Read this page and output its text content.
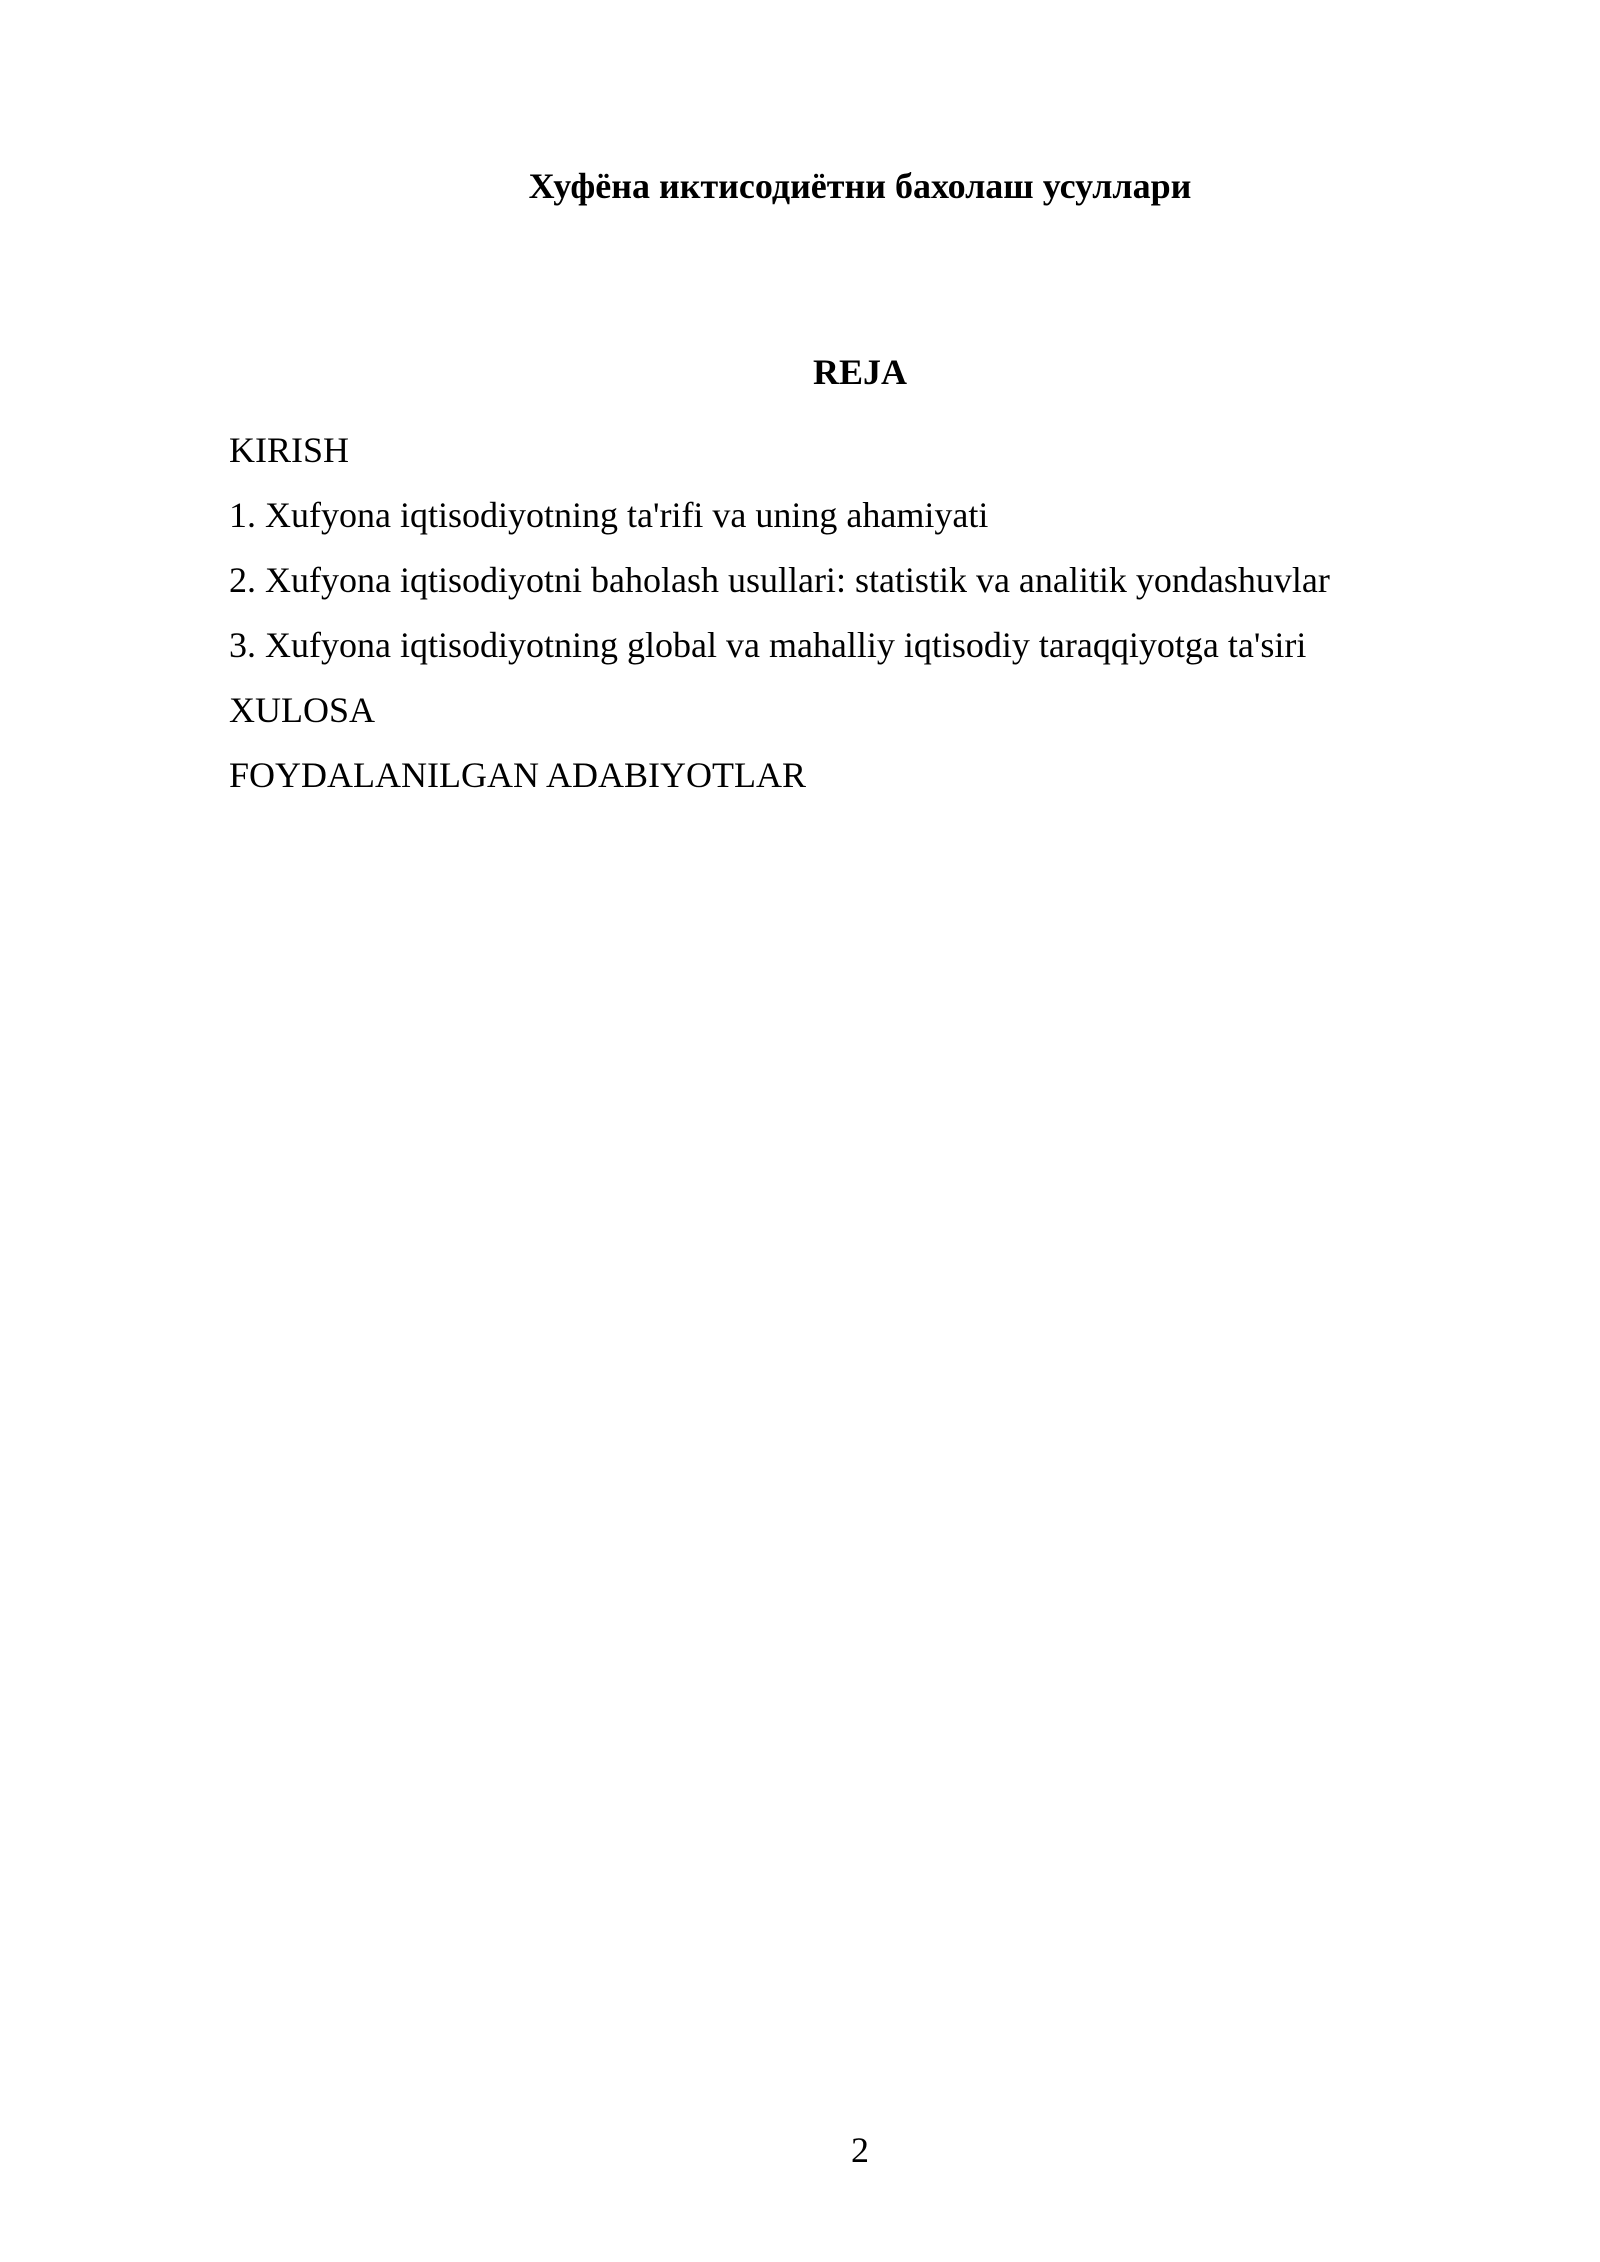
Хуфёна иктисодиётни бахолаш усуллари
REJA
KIRISH
1. Xufyona iqtisodiyotning ta'rifi va uning ahamiyati
2. Xufyona iqtisodiyotni baholash usullari: statistik va analitik yondashuvlar
3. Xufyona iqtisodiyotning global va mahalliy iqtisodiy taraqqiyotga ta'siri
XULOSA
FOYDALANILGAN ADABIYOTLAR
2
